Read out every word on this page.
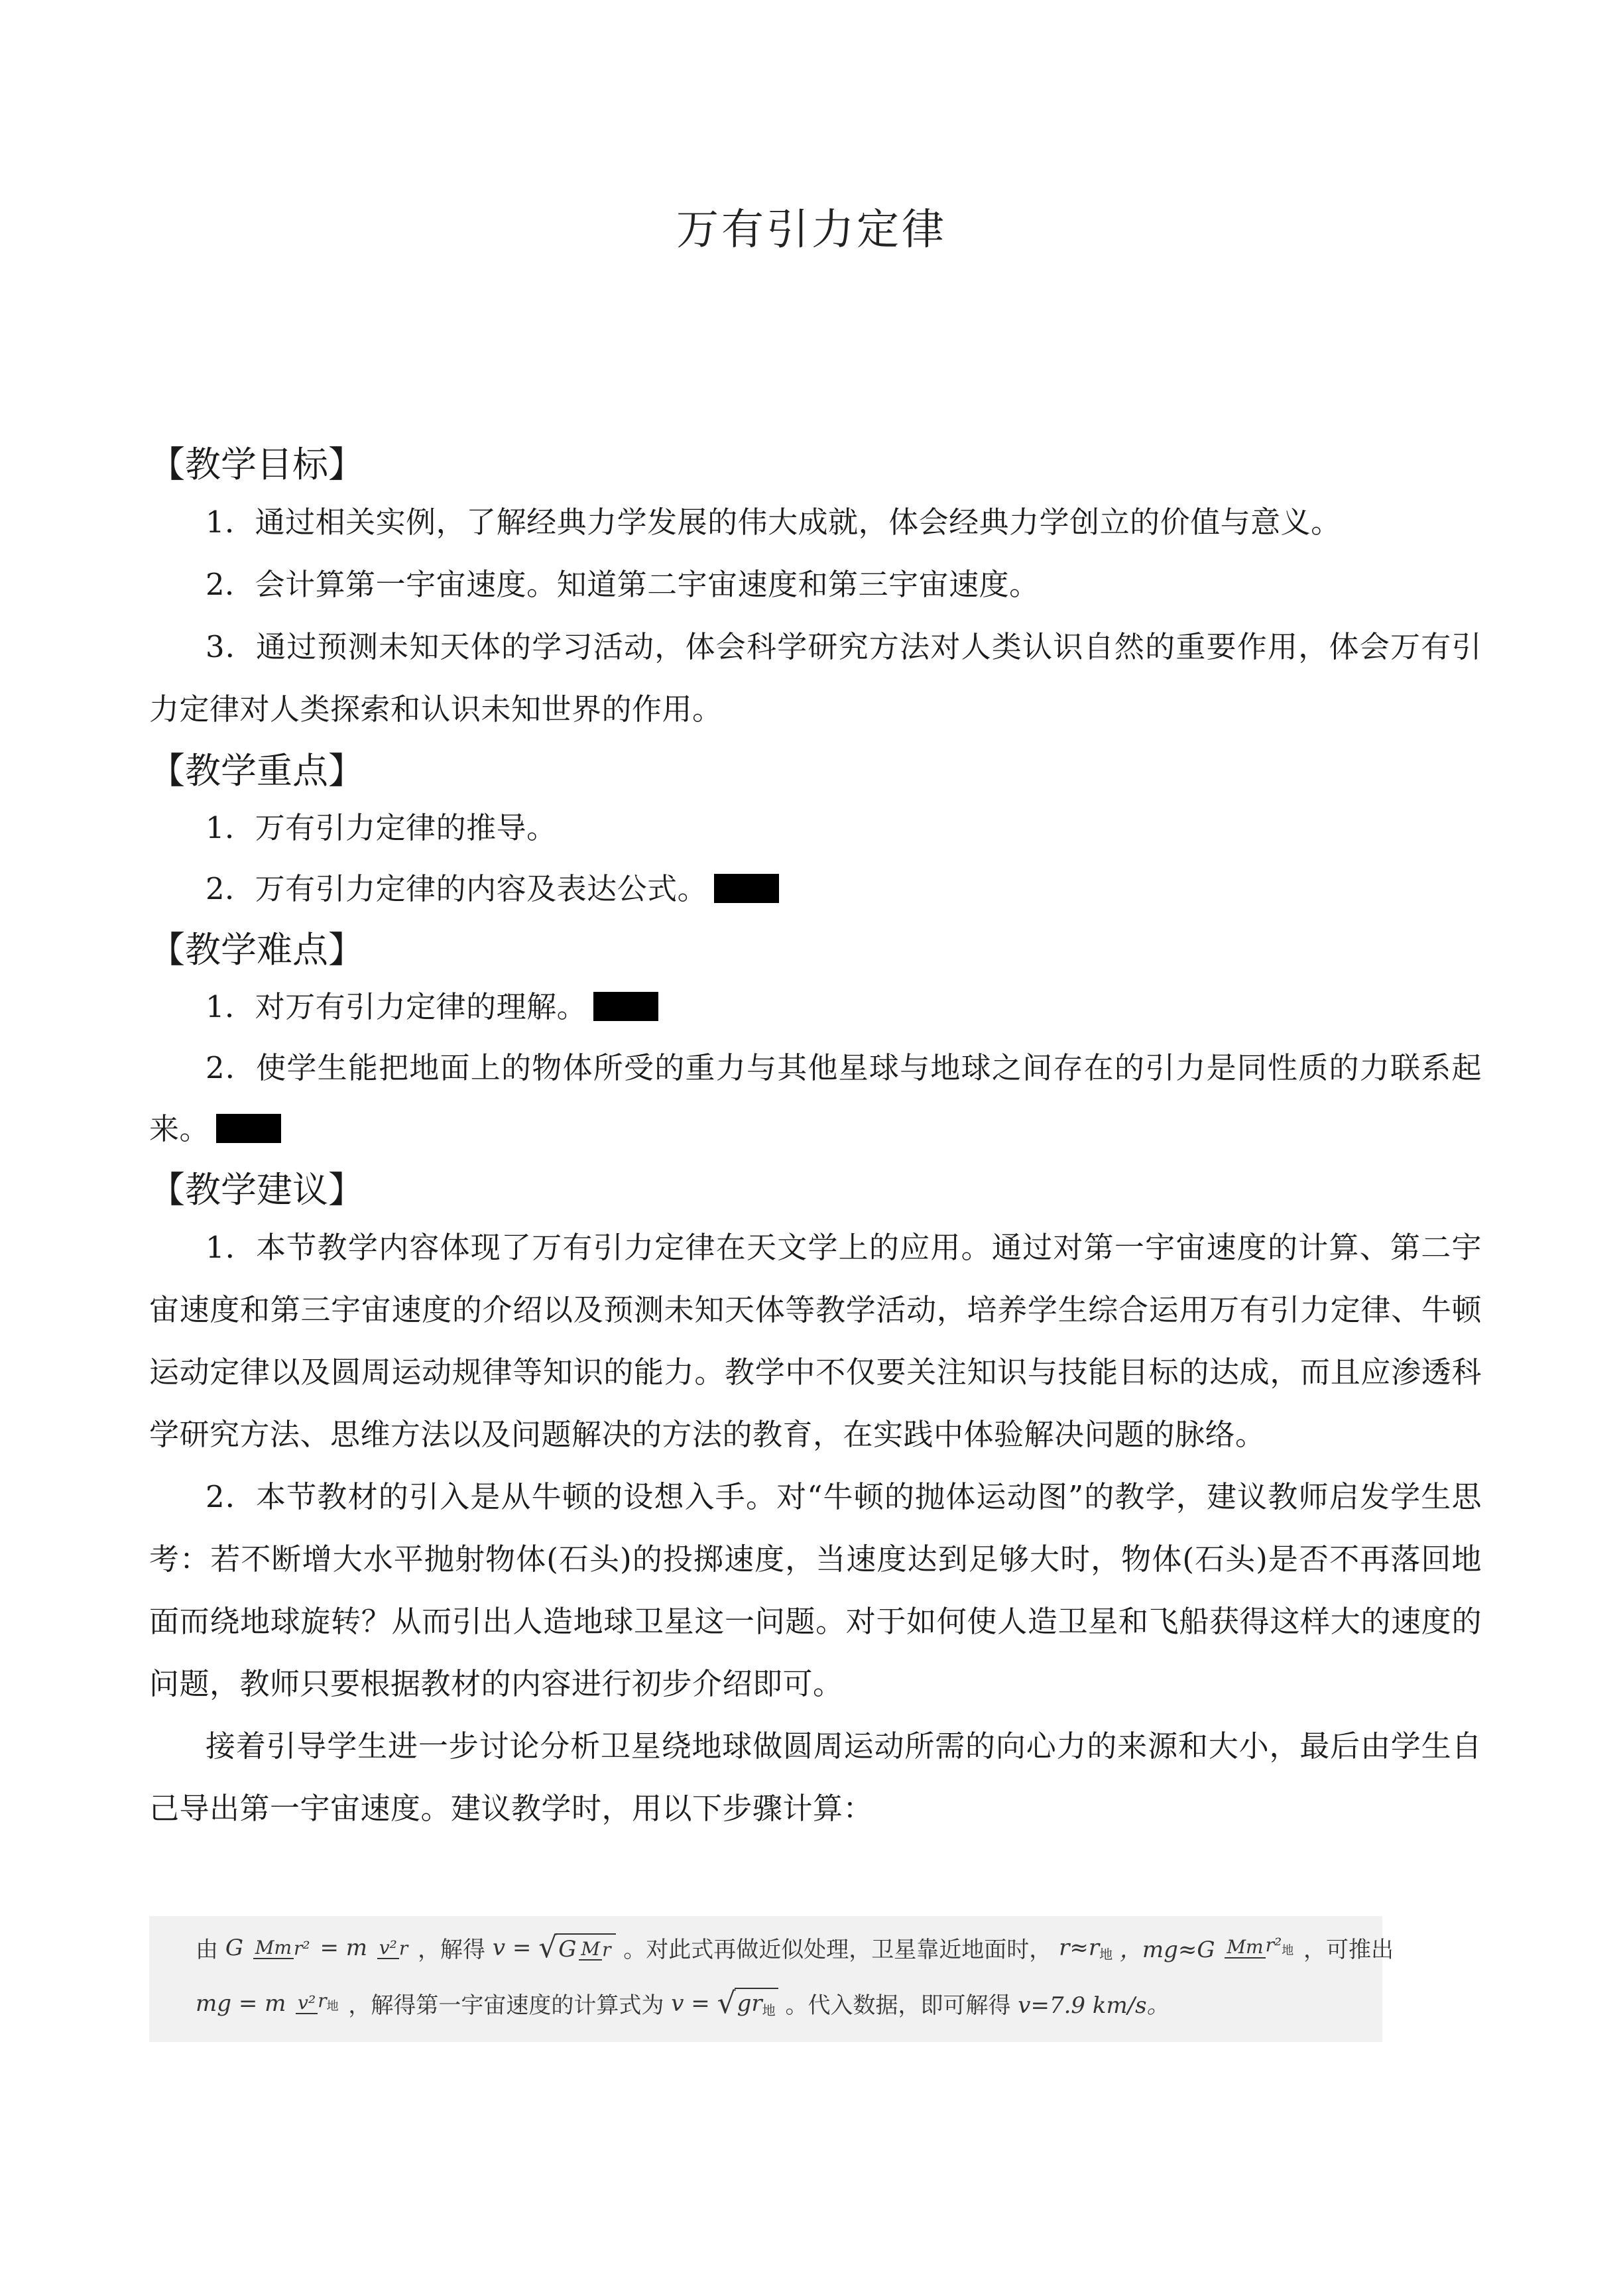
万有引力定律
【教学目标】

1．通过相关实例，了解经典力学发展的伟大成就，体会经典力学创立的价值与意义。

2．会计算第一宇宙速度。知道第二宇宙速度和第三宇宙速度。

3．通过预测未知天体的学习活动，体会科学研究方法对人类认识自然的重要作用，体会万有引力定律对人类探索和认识未知世界的作用。

【教学重点】

1．万有引力定律的推导。

2．万有引力定律的内容及表达公式。

【教学难点】

1．对万有引力定律的理解。

2．使学生能把地面上的物体所受的重力与其他星球与地球之间存在的引力是同性质的力联系起来。

【教学建议】

1．本节教学内容体现了万有引力定律在天文学上的应用。通过对第一宇宙速度的计算、第二宇宙速度和第三宇宙速度的介绍以及预测未知天体等教学活动，培养学生综合运用万有引力定律、牛顿运动定律以及圆周运动规律等知识的能力。教学中不仅要关注知识与技能目标的达成，而且应渗透科学研究方法、思维方法以及问题解决的方法的教育，在实践中体验解决问题的脉络。

2．本节教材的引入是从牛顿的设想入手。对“牛顿的抛体运动图”的教学，建议教师启发学生思考：若不断增大水平抛射物体(石头)的投掷速度，当速度达到足够大时，物体(石头)是否不再落回地面而绕地球旋转？从而引出人造地球卫星这一问题。对于如何使人造卫星和飞船获得这样大的速度的问题，教师只要根据教材的内容进行初步介绍即可。

接着引导学生进一步讨论分析卫星绕地球做圆周运动所需的向心力的来源和大小，最后由学生自己导出第一宇宙速度。建议教学时，用以下步骤计算：

由 G Mm r² = m v² r ，解得 v = √G M r 。对此式再做近似处理，卫星靠近地面时， $r\approx r_地$ ，mg≈G Mm $r^2_地$ ，可推出
mg = m v² $r_地$ ，解得第一宇宙速度的计算式为 $v = √gr_地$ 。代入数据，即可解得 v=7.9 km/s。
